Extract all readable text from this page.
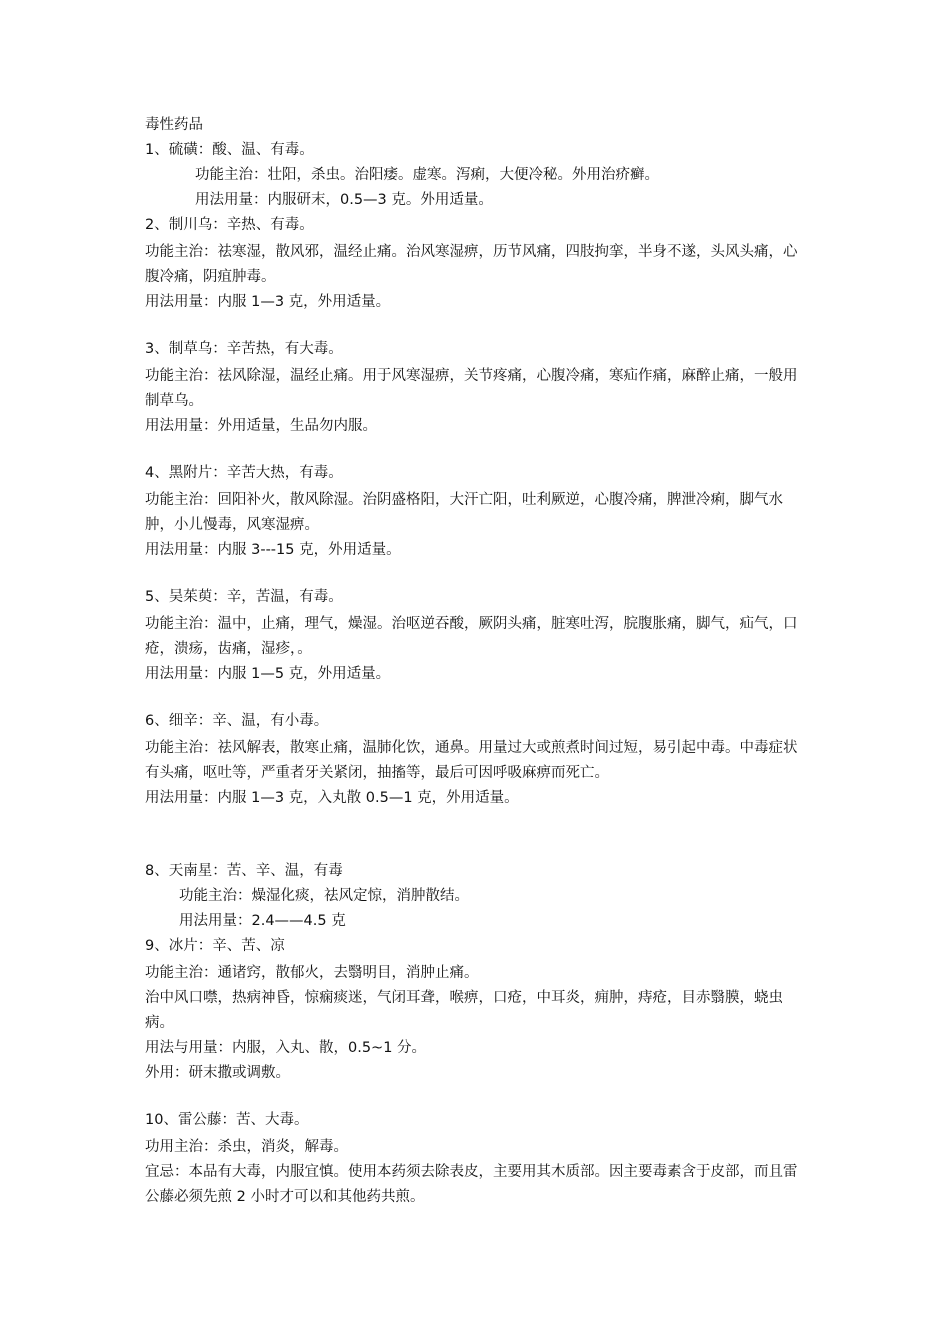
毒性药品
1、硫磺：酸、温、有毒。
功能主治：壮阳，杀虫。治阳痿。虚寒。泻痢，大便冷秘。外用治疥癣。
用法用量：内服研末，0.5—3 克。外用适量。
2、制川乌：辛热、有毒。
功能主治：祛寒湿，散风邪，温经止痛。治风寒湿痹，历节风痛，四肢拘挛，半身不遂，头风头痛，心腹冷痛，阴疽肿毒。
用法用量：内服 1—3 克，外用适量。
3、制草乌：辛苦热，有大毒。
功能主治：祛风除湿，温经止痛。用于风寒湿痹，关节疼痛，心腹冷痛，寒疝作痛，麻醉止痛，一般用制草乌。
用法用量：外用适量，生品勿内服。
4、黑附片：辛苦大热，有毒。
功能主治：回阳补火，散风除湿。治阴盛格阳，大汗亡阳，吐利厥逆，心腹冷痛，脾泄冷痢，脚气水肿，小儿慢毒，风寒湿痹。
用法用量：内服 3---15 克，外用适量。
5、吴茱萸：辛，苦温，有毒。
功能主治：温中，止痛，理气，燥湿。治呕逆吞酸，厥阴头痛，脏寒吐泻，脘腹胀痛，脚气，疝气，口疮，溃疡，齿痛，湿疹，。
用法用量：内服 1—5 克，外用适量。
6、细辛：辛、温，有小毒。
功能主治：祛风解表，散寒止痛，温肺化饮，通鼻。用量过大或煎煮时间过短，易引起中毒。中毒症状有头痛，呕吐等，严重者牙关紧闭，抽搐等，最后可因呼吸麻痹而死亡。
用法用量：内服 1—3 克，入丸散 0.5—1 克，外用适量。
8、天南星：苦、辛、温，有毒
功能主治：燥湿化痰，祛风定惊，消肿散结。
用法用量：2.4——4.5 克
9、冰片：辛、苦、凉
功能主治：通诸窍，散郁火，去翳明目，消肿止痛。
治中风口噤，热病神昏，惊痫痰迷，气闭耳聋，喉痹，口疮，中耳炎，痈肿，痔疮，目赤翳膜，蛲虫病。
用法与用量：内服，入丸、散，0.5~1 分。
外用：研末撒或调敷。
10、雷公藤：苦、大毒。
功用主治：杀虫，消炎，解毒。
宜忌：本品有大毒，内服宜慎。使用本药须去除表皮，主要用其木质部。因主要毒素含于皮部，而且雷公藤必须先煎 2 小时才可以和其他药共煎。
